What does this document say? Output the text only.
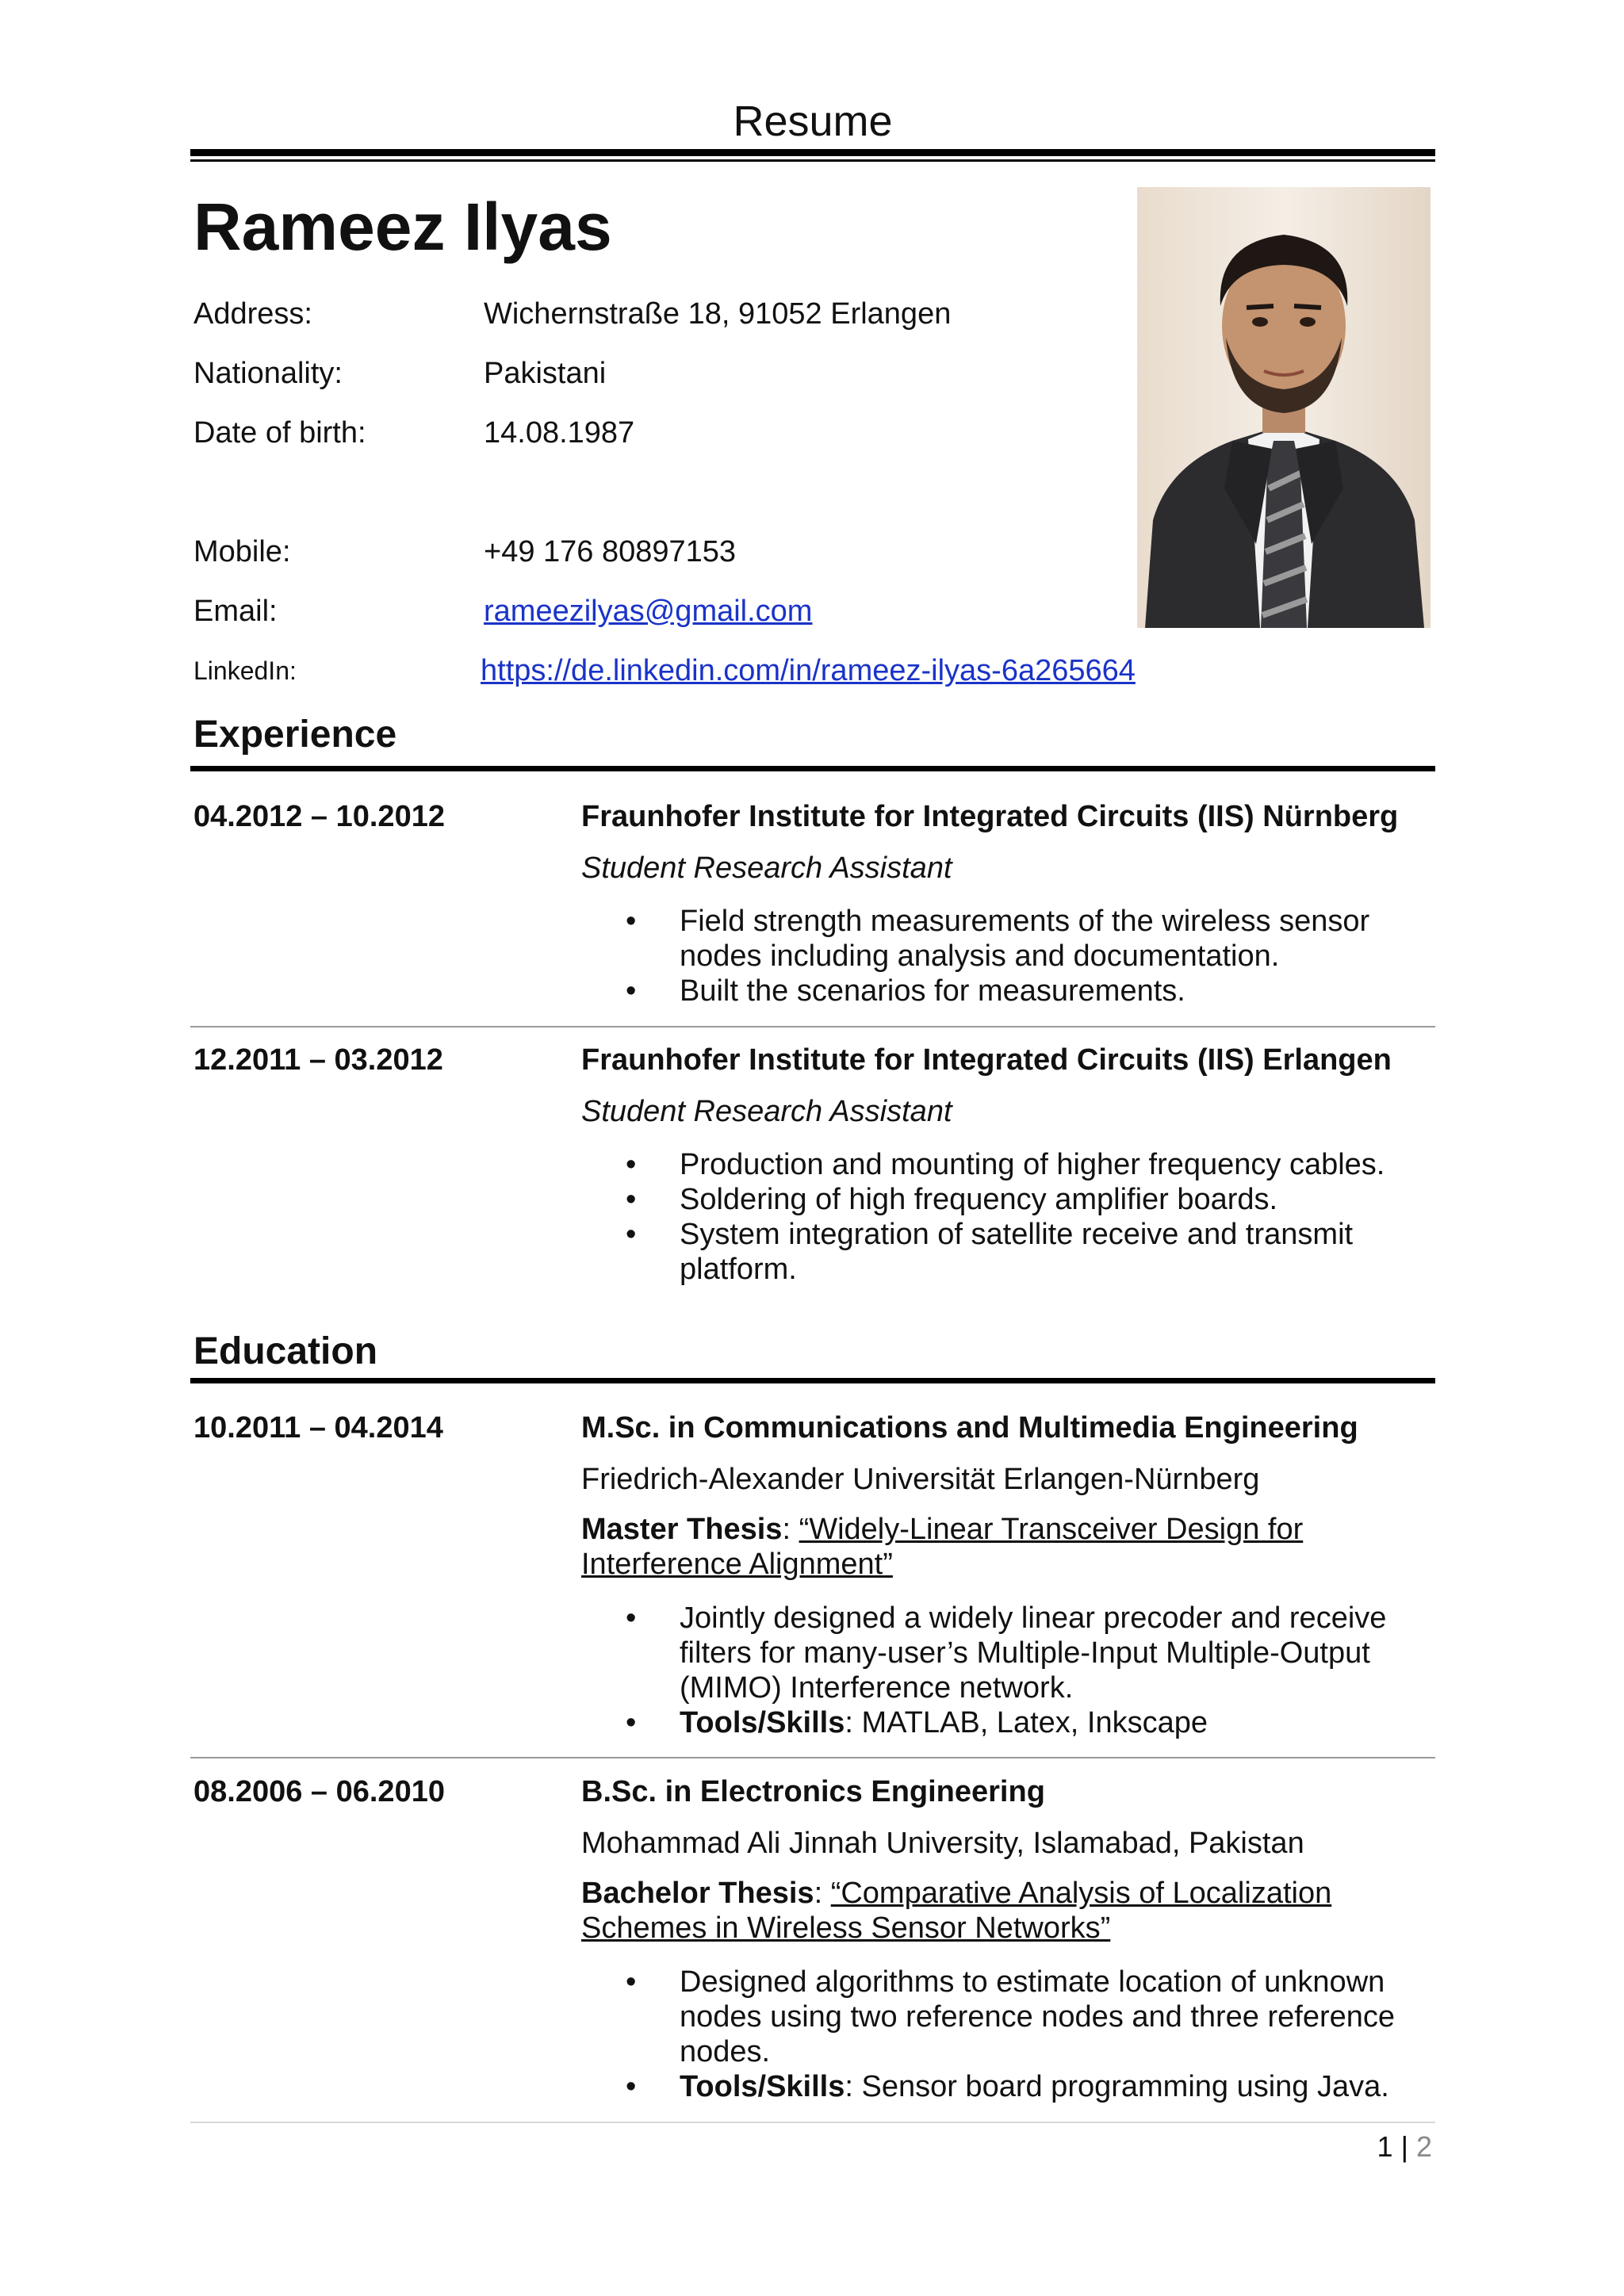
Resume
Rameez Ilyas
Address:	Wichernstraße 18, 91052 Erlangen
Nationality:	Pakistani
Date of birth:	14.08.1987
Mobile:	+49 176 80897153
Email:	rameezilyas@gmail.com
LinkedIn:	https://de.linkedin.com/in/rameez-ilyas-6a265664
Experience
04.2012 – 10.2012	Fraunhofer Institute for Integrated Circuits (IIS) Nürnberg
Student Research Assistant
• Field strength measurements of the wireless sensor nodes including analysis and documentation.
• Built the scenarios for measurements.
12.2011 – 03.2012	Fraunhofer Institute for Integrated Circuits (IIS) Erlangen
Student Research Assistant
• Production and mounting of higher frequency cables.
• Soldering of high frequency amplifier boards.
• System integration of satellite receive and transmit platform.
Education
10.2011 – 04.2014	M.Sc. in Communications and Multimedia Engineering
Friedrich-Alexander Universität Erlangen-Nürnberg
Master Thesis: “Widely-Linear Transceiver Design for Interference Alignment”
• Jointly designed a widely linear precoder and receive filters for many-user’s Multiple-Input Multiple-Output (MIMO) Interference network.
• Tools/Skills: MATLAB, Latex, Inkscape
08.2006 – 06.2010	B.Sc. in Electronics Engineering
Mohammad Ali Jinnah University, Islamabad, Pakistan
Bachelor Thesis: “Comparative Analysis of Localization Schemes in Wireless Sensor Networks”
• Designed algorithms to estimate location of unknown nodes using two reference nodes and three reference nodes.
• Tools/Skills: Sensor board programming using Java.
1 | 2
